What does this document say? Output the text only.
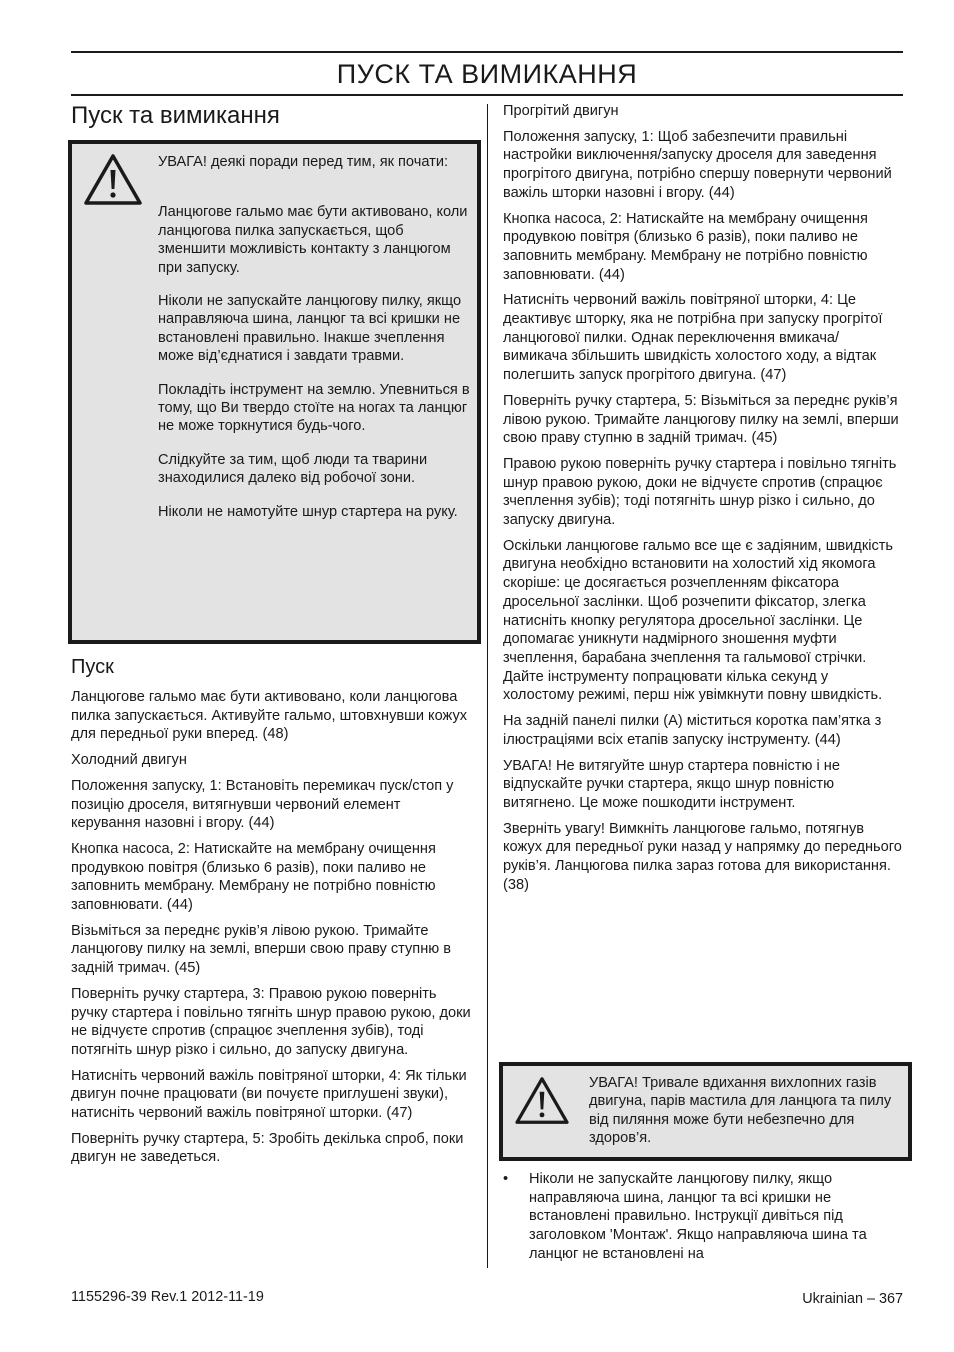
ПУСК ТА ВИМИКАННЯ
Пуск та вимикання

УВАГА! деякі поради перед тим, як почати:

Ланцюгове гальмо має бути активовано, коли ланцюгова пилка запускається, щоб зменшити можливість контакту з ланцюгом при запуску.

Ніколи не запускайте ланцюгову пилку, якщо направляюча шина, ланцюг та всі кришки не встановлені правильно. Інакше зчеплення може від’єднатися і завдати травми.

Покладіть інструмент на землю. Упевниться в тому, що Ви твердо стоїте на ногах та ланцюг не може торкнутися будь-чого.

Слідкуйте за тим, щоб люди та тварини знаходилися далеко від робочої зони.

Ніколи не намотуйте шнур стартера на руку.

Пуск

Ланцюгове гальмо має бути активовано, коли ланцюгова пилка запускається. Активуйте гальмо, штовхнувши кожух для передньої руки вперед. (48)

Холодний двигун

Положення запуску, 1: Встановіть перемикач пуск/стоп у позицію дроселя, витягнувши червоний елемент керування назовні і вгору. (44)

Кнопка насоса, 2: Натискайте на мембрану очищення продувкою повітря (близько 6 разів), поки паливо не заповнить мембрану. Мембрану не потрібно повністю заповнювати. (44)

Візьміться за переднє руків’я лівою рукою. Тримайте ланцюгову пилку на землі, вперши свою праву ступню в задній тримач. (45)

Поверніть ручку стартера, 3: Правою рукою поверніть ручку стартера і повільно тягніть шнур правою рукою, доки не відчуєте спротив (спрацює зчеплення зубів), тоді потягніть шнур різко і сильно, до запуску двигуна.

Натисніть червоний важіль повітряної шторки, 4: Як тільки двигун почне працювати (ви почуєте приглушені звуки), натисніть червоний важіль повітряної шторки. (47)

Поверніть ручку стартера, 5: Зробіть декілька спроб, поки двигун не заведеться.

Прогрітий двигун

Положення запуску, 1: Щоб забезпечити правильні настройки виключення/запуску дроселя для заведення прогрітого двигуна, потрібно спершу повернути червоний важіль шторки назовні і вгору. (44)

Кнопка насоса, 2: Натискайте на мембрану очищення продувкою повітря (близько 6 разів), поки паливо не заповнить мембрану. Мембрану не потрібно повністю заповнювати. (44)

Натисніть червоний важіль повітряної шторки, 4: Це деактивує шторку, яка не потрібна при запуску прогрітої ланцюгової пилки. Однак переключення вмикача/вимикача збільшить швидкість холостого ходу, а відтак полегшить запуск прогрітого двигуна. (47)

Поверніть ручку стартера, 5: Візьміться за переднє руків’я лівою рукою. Тримайте ланцюгову пилку на землі, вперши свою праву ступню в задній тримач. (45)

Правою рукою поверніть ручку стартера і повільно тягніть шнур правою рукою, доки не відчуєте спротив (спрацює зчеплення зубів); тоді потягніть шнур різко і сильно, до запуску двигуна.

Оскільки ланцюгове гальмо все ще є задіяним, швидкість двигуна необхідно встановити на холостий хід якомога скоріше: це досягається розчепленням фіксатора дросельної заслінки. Щоб розчепити фіксатор, злегка натисніть кнопку регулятора дросельної заслінки. Це допомагає уникнути надмірного зношення муфти зчеплення, барабана зчеплення та гальмової стрічки. Дайте інструменту попрацювати кілька секунд у холостому режимі, перш ніж увімкнути повну швидкість.

На задній панелі пилки (A) міститься коротка пам’ятка з ілюстраціями всіх етапів запуску інструменту. (44)

УВАГА! Не витягуйте шнур стартера повністю і не відпускайте ручки стартера, якщо шнур повністю витягнено. Це може пошкодити інструмент.

Зверніть увагу! Вимкніть ланцюгове гальмо, потягнув кожух для передньої руки назад у напрямку до переднього руків’я. Ланцюгова пилка зараз готова для використання. (38)

УВАГА! Тривале вдихання вихлопних газів двигуна, парів мастила для ланцюга та пилу від пиляння може бути небезпечно для здоров’я.
• Ніколи не запускайте ланцюгову пилку, якщо направляюча шина, ланцюг та всі кришки не встановлені правильно. Інструкції дивіться під заголовком 'Монтаж'. Якщо направляюча шина та ланцюг не встановлені на
1155296-39 Rev.1 2012-11-19	Ukrainian – 367
